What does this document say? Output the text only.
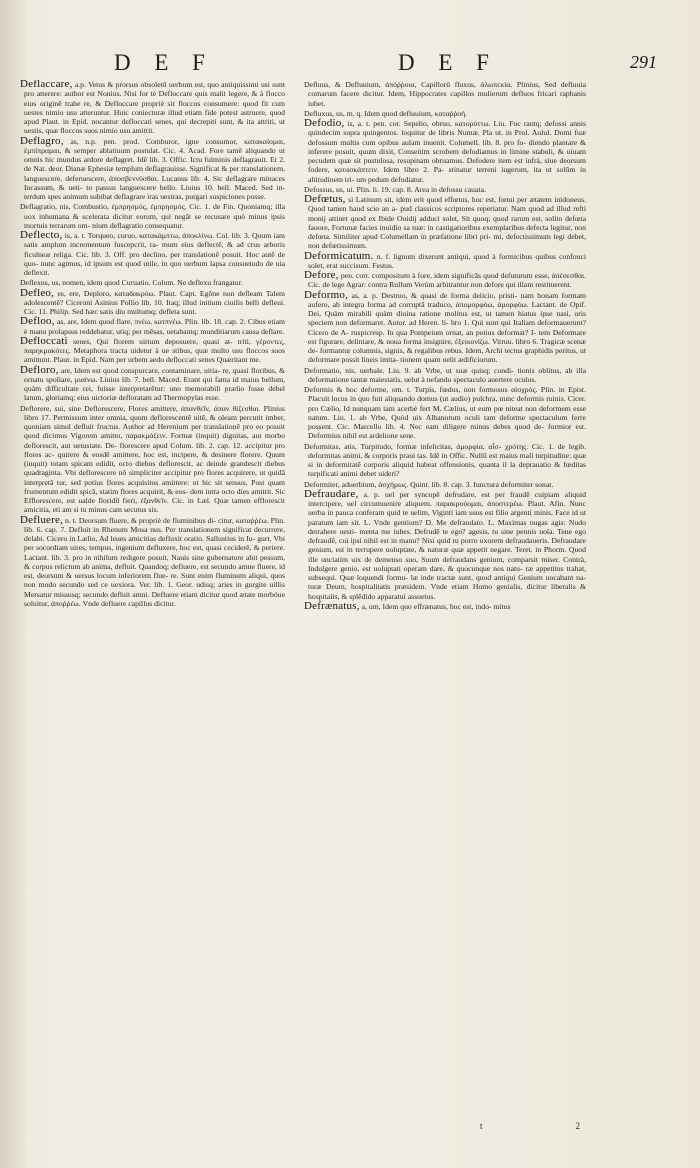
D E F	D E F	291

Deflaccare, a.p. Vetus & prorsus obsoletũ uerbum est, quo antiquissimi usi sunt pro atterere: author est Nonius. Nisi for tè Defloccare quis malit legere, & à flocco eius originẽ trahe re, & Defloccare propriè sit floccos consumere: quod fit cum uestes nimio usu atteruntur. Huic coniecturæ illud etiam fide potest astruere, quod apud Plaut. in Epid. nocantur defloccati senes, qui decrepiti sunt, & ita attriti, ut uestis, quæ floccos suos nimio usu amittit.

Deflagro, as, n.p. pen. prod. Comburor, igne consumor, κατακαίομαι, ἐμπίπραμαι, & semper ablatiuum postulat. Cic. 4. Acad. Fore tamẽ aliquando ut omnis hic mundus ardore deflagret. Idẽ lib. 3. Offic. Ictu fulminis deflagrauit. Et 2. de Nat. deor. Dianæ Ephesiæ templum deflagrauisse. Significat & per translationem, languescere, deferuescere, ἀποσβεννύσθαι. Lucanus lib. 4. Sic deflagrare minaces Incassum, & ueti- to passus languescere bello. Liuius 10. bell. Maced. Sed in- terdum spes animum subibat deflagrare iras uestras, purgari suspiciones posse.

Deflagratio, nis, Combustio, ἐμπρησμός, ἐμπρησμός. Cic. 1. de Fin. Quoniamq; illa uox inhumana & scelerata dicitur eorum, qui negãt se recusare quò minus ipsis mortuis terrarum om- nium deflagratio consequatur.

Deflecto, is, a. t. Torqueo, curuo, κατακάμπτω, ἀποκλίνω. Col. lib. 3. Quum iam satis amplum incrementum fuscepcrit, ra- mum eius deflectẽ, & ad crus arboris ficulneæ religa. Cic. lib. 3. Off. pro declino, per translationẽ posuit. Hoc autẽ de quo- nunc agimus, id ipsum est quod utile, in quo uerbum lapsa consuetudo de uia deflexit.

Deflexus, us, nomen, idem quod Curuatio. Colum. Ne deflexu frangatur.

Defleo, es, ere, Deploro, καταδακρύω. Plaut. Capt. Egõne non defleam Talem adolescentẽ? Ciceroni Asinius Pollio lib. 10. Itaq; illud initium ciuilis belli defleui. Cic. 11. Philip. Sed hæc satis diu multumq; defleta sunt.

Defloo, as, are, Idem quod flare, πνέω, κατπνέω. Plin. lib. 18. cap. 2. Cibus etiam è manu prolapsus reddebatur, utiq; per mẽsas, uetabantq; munditiarum causa deflare.

Defloccati senes, Qui florem uirium deposuere, quasi at- triti, γέροντες, παρηκμακότες. Metaphora tracta uidetur à ue stibus, quæ multo usu floccos suos amittunt. Plaut. in Epid. Nam per urbem aedo defloccati senes Quæritant me.

Defloro, are, Idem est quod conspurcare, contaminare, uitia- re, quasi floribus, & ornatu spoliare, μιαίνω. Liuius lib. 7. bell. Maced. Erant qui fama id maius bellum, quàm difficultate rei, fuisse interpretarẽtur: uno memorabili prælio fusse debel latum, gloriamq; eius uictoriæ defloratam ad Thermopylas esse.

Deflorere, sui, sine Deflorescere, Flores amittere, ἀπανθεῖν, ἀπαν θίζεσθαι. Plinius libro 17. Permissum inter omnia, quum deflorescentẽ uitẽ, & oleam percutit imber, quoniam simul defluit fructus. Author ad Herenium per translationẽ pro eo posuit quod dicimus Vigorem amitto, παρακμάζειν. Formæ (inquit) dignitas, aut morbo deflorescit, aut uetustate. De- florescere apud Colum. lib. 2. cap. 12. accipitur pro flores ac- quirere & eosdẽ amittere, hoc est, incipere, & desinere florere. Quum (inquit) totam spicam edidit, octo diebus deflorescit, ac deinde grandescit diebus quadraginta. Vbi deflorescere nõ simpliciter accipitur pro flores acquirere, ut quidã interpretã tur, sed potius flores acquisitos amittere: ut hic sit sensus, Post quam frumentum edidit spicã, statim flores acquirit, & eos- dem intra octo dies amittit. Sic Efflorescere, est ualde floridũ fieri, ἐξανθεῖν. Cic. in Læl. Quæ tamen efflorescit amicitia, eti am si tu minus cam secutus sis.

Defluere, n. t. Deorsum fluere, & propriè de fluminibus di- citur, καταῤῥέω. Plin. lib. 6. cap. 7. Defluit in Rhenum Mosa nus. Per translationem significat decurrere, delabi. Cicero in Lælio, Ad leues amicitias defluxit oratio. Sallustius in Iu- gurt. Vbi per socordiam uires, tempus, ingenium defluxere, hoc est, quasi ceciderẽ, & periere. Lactant. lib. 3. pro in nihilum redigere posuit, Nauis sine gubernatore abit pessum, & corpus relictum ab anima, defluit. Quandoq; defluere, est secundo amne fluere, id est, deorsum & uersus locum inferiorem flue- re. Sunt enim fluminum aliqui, quos non modo secundo sed ce uexiora. Ver. lib. 1. Geor. udisq; aries in gurgite uillis Mersatur missusq; secundo defluit amni. Defluere etiam dicitur quod ætate morbóue soluitur, ἀποῤῥέω. Vnde defluere capillus dicitur.

Defluus, & Defluuium, ἀπόῤῥοια, Capillorũ fluxus, ἀλωπεκία. Plinius, Sed defluuia comarum facere dicitur. Idem, Hippocrates capillos mulierum defluos fricari raphanis iubet.

Defluxus, us, m. q. Idem quod defluuium, καταῤῥοή.

Defodio, is, a. t. pen. cor. Sepelio, obruo, κατορύττω. Liu. Fuc rantq; defossi annis quindecim supra quingentos. loquitur de libris Numæ. Pla ut. in Prol. Aulul. Domi fuæ defossum multis cum opibus aulam inuenit. Columell. lib. 8. pro fo- diendo plantare & inferere posuit, quum dixit, Conseitim scrobem defodiamus in limine stabuli, & uiuam pecudem quæ sit pustulosa, resupinam obruamus. Defodere item est infrà, siue deorsum fodere, κατασκάπτειν. Idem libro 2. Pa- stinatur terreni iugerum, ita ut solũm in altitudinem tri- um pedum defodiatur.

Defossus, us, ui. Plin. li. 19. cap. 8. Area in defossu cauata.

Defœtus, si Latinum sit, idem erit quod effœtus, hoc est, fœtui per ætatem inidoneus. Quod tamen haud scio an a- pud classicos scriptores reperiatur. Nam quod ad illud refti monij attinet quod ex Ibide Ouidij adduci solet, Sit quoq; quod rarum est, solito defœta fauore, Fortunæ facies inuidio sa tuæ: in castigatioribus exemplaribus defecta legitur, non defœta. Similiter apud Columellam in præfatione libri pri- mi, defectissimum legi debet, non defœtissimum.

Deformicatum. n. f. lignum dixerunt antiqui, quod à formicibus quibus confouci solet, erat succisum. Festus.

Defore, pen. corr. compositum à fore, idem significãs quod defuturum esse, ἀπέσεσθαι. Cic. de lege Agrar: contra Rullum Verùm arbitrantur non defore qui illam restituerent.

Deformo, as, a. p. Destruo, & quasi de forma deiicio, pristi- nam bonam formam aufero, ab integra forma ad corruptã traduco, ἀπομορφόω, ἀμορφόω. Lactant. de Opif. Dei, Quàm mirabili quàm diuina ratione molitus est, ut tamen hiatus ipse nasi, oris speciem non deformaret. Autor. ad Heren. li- bro 1. Qui sunt qui Italiam deformauerunt? Cicero de A- ruspicresp. In qua Pompeium ornat, an potius deformat? I- tem Deformare est figurare, deliniare, & noua forma insignire, ἐξεικονίζω. Vitruu. libro 6. Tragicæ scenæ de- formantur columnis, signis, & regalibus rebus. Idem, Archi tectus graphidis peritus, ut deformare possit lineis imita- tionem quam uelit ædificiorum.

Deformatio, nis, uerbale. Liu. 9. ab Vrbe, ut suæ quisq; condi- tionis oblitus, ab illa deformatione tantæ maiestatis, uelut à nefando spectaculo auertere oculos.

Deformis & hoc deforme, om. t. Turpis, fœdus, non formosus αἰσχρός. Plin. in Epist. Placuit locus in quo fuit aliquando domus (ut audio) pulchra, nunc deformis ruinis. Cicer. pro Cælio, Id nunquam tam acerbè fert M. Cælius, ut eum pœ niteat non deformem esse natum. Liu. 1. ab Vrbe, Quòd uix Albanorum oculi tam deforme spectaculum ferre possent. Cic. Marcello lib. 4. Nec eam diligere minus debes quod de- formior est. Deformius nihil est ardelione sene.

Deformitas, atis, Turpitudo, formæ infelicitas, ἀμορφία, αἶσ- χρότης. Cic. 1. de legib. deformitas animi, & corporis praui tas. Idẽ in Offic. Nullũ est maius mali turpitudine: quæ si in deformitatẽ corporis aliquid habeat offensionis, quanta il la deprauatio & fœditas turpificati animi debet uideri?

Deformiter, aduerbium, ἀσχήμως. Quint. lib. 8. cap. 3. Iunctura deformiter sonat.

Defraudare, a. p. uel per syncopẽ defrudare, est per fraudẽ cuipiam aliquid intercipere, uel circumuenire aliquem. παρακρούομαι, ἀποστερέω. Plaut. Afin. Nunc uerba in pauca conferam quid te uelim, Viginti iam usus est filio argenti minis, Face id ut paratum iam sit. L. Vnde gentium? D. Me defraudato. L. Maximas nugas agis: Nudo detrahere uesti- menta me iubes. Defrudẽ te ego? agesis, tu sine pennis uola. Tene ego defraudẽ, cui ipsi nihil est in manu? Nisi quid tu porro uxorem defraudaueris. Defraudare genium, est in terrupere uoluptate, & naturæ quæ appetit negare. Teret. in Phorm. Quod ille unciatim uix de demenso suo, Suum defraudans genium, comparsit miser. Contrà, Indulgere genio, est uoluptati operam dare, & quocunque nos natu- ræ appetitus trahat, subsequi. Quæ loquendi formu- læ inde tractæ sunt, quod antiqui Genium uocabant na- turæ Deum, hospitalitatis præsidem. Vnde etiam Homo genialis, dicitur liberalis & hospitalis, & splẽdido apparatui assuetus.

Defrænatus, a, um, Idem quo effrænatus, hoc est, indo- mitus

t	2
